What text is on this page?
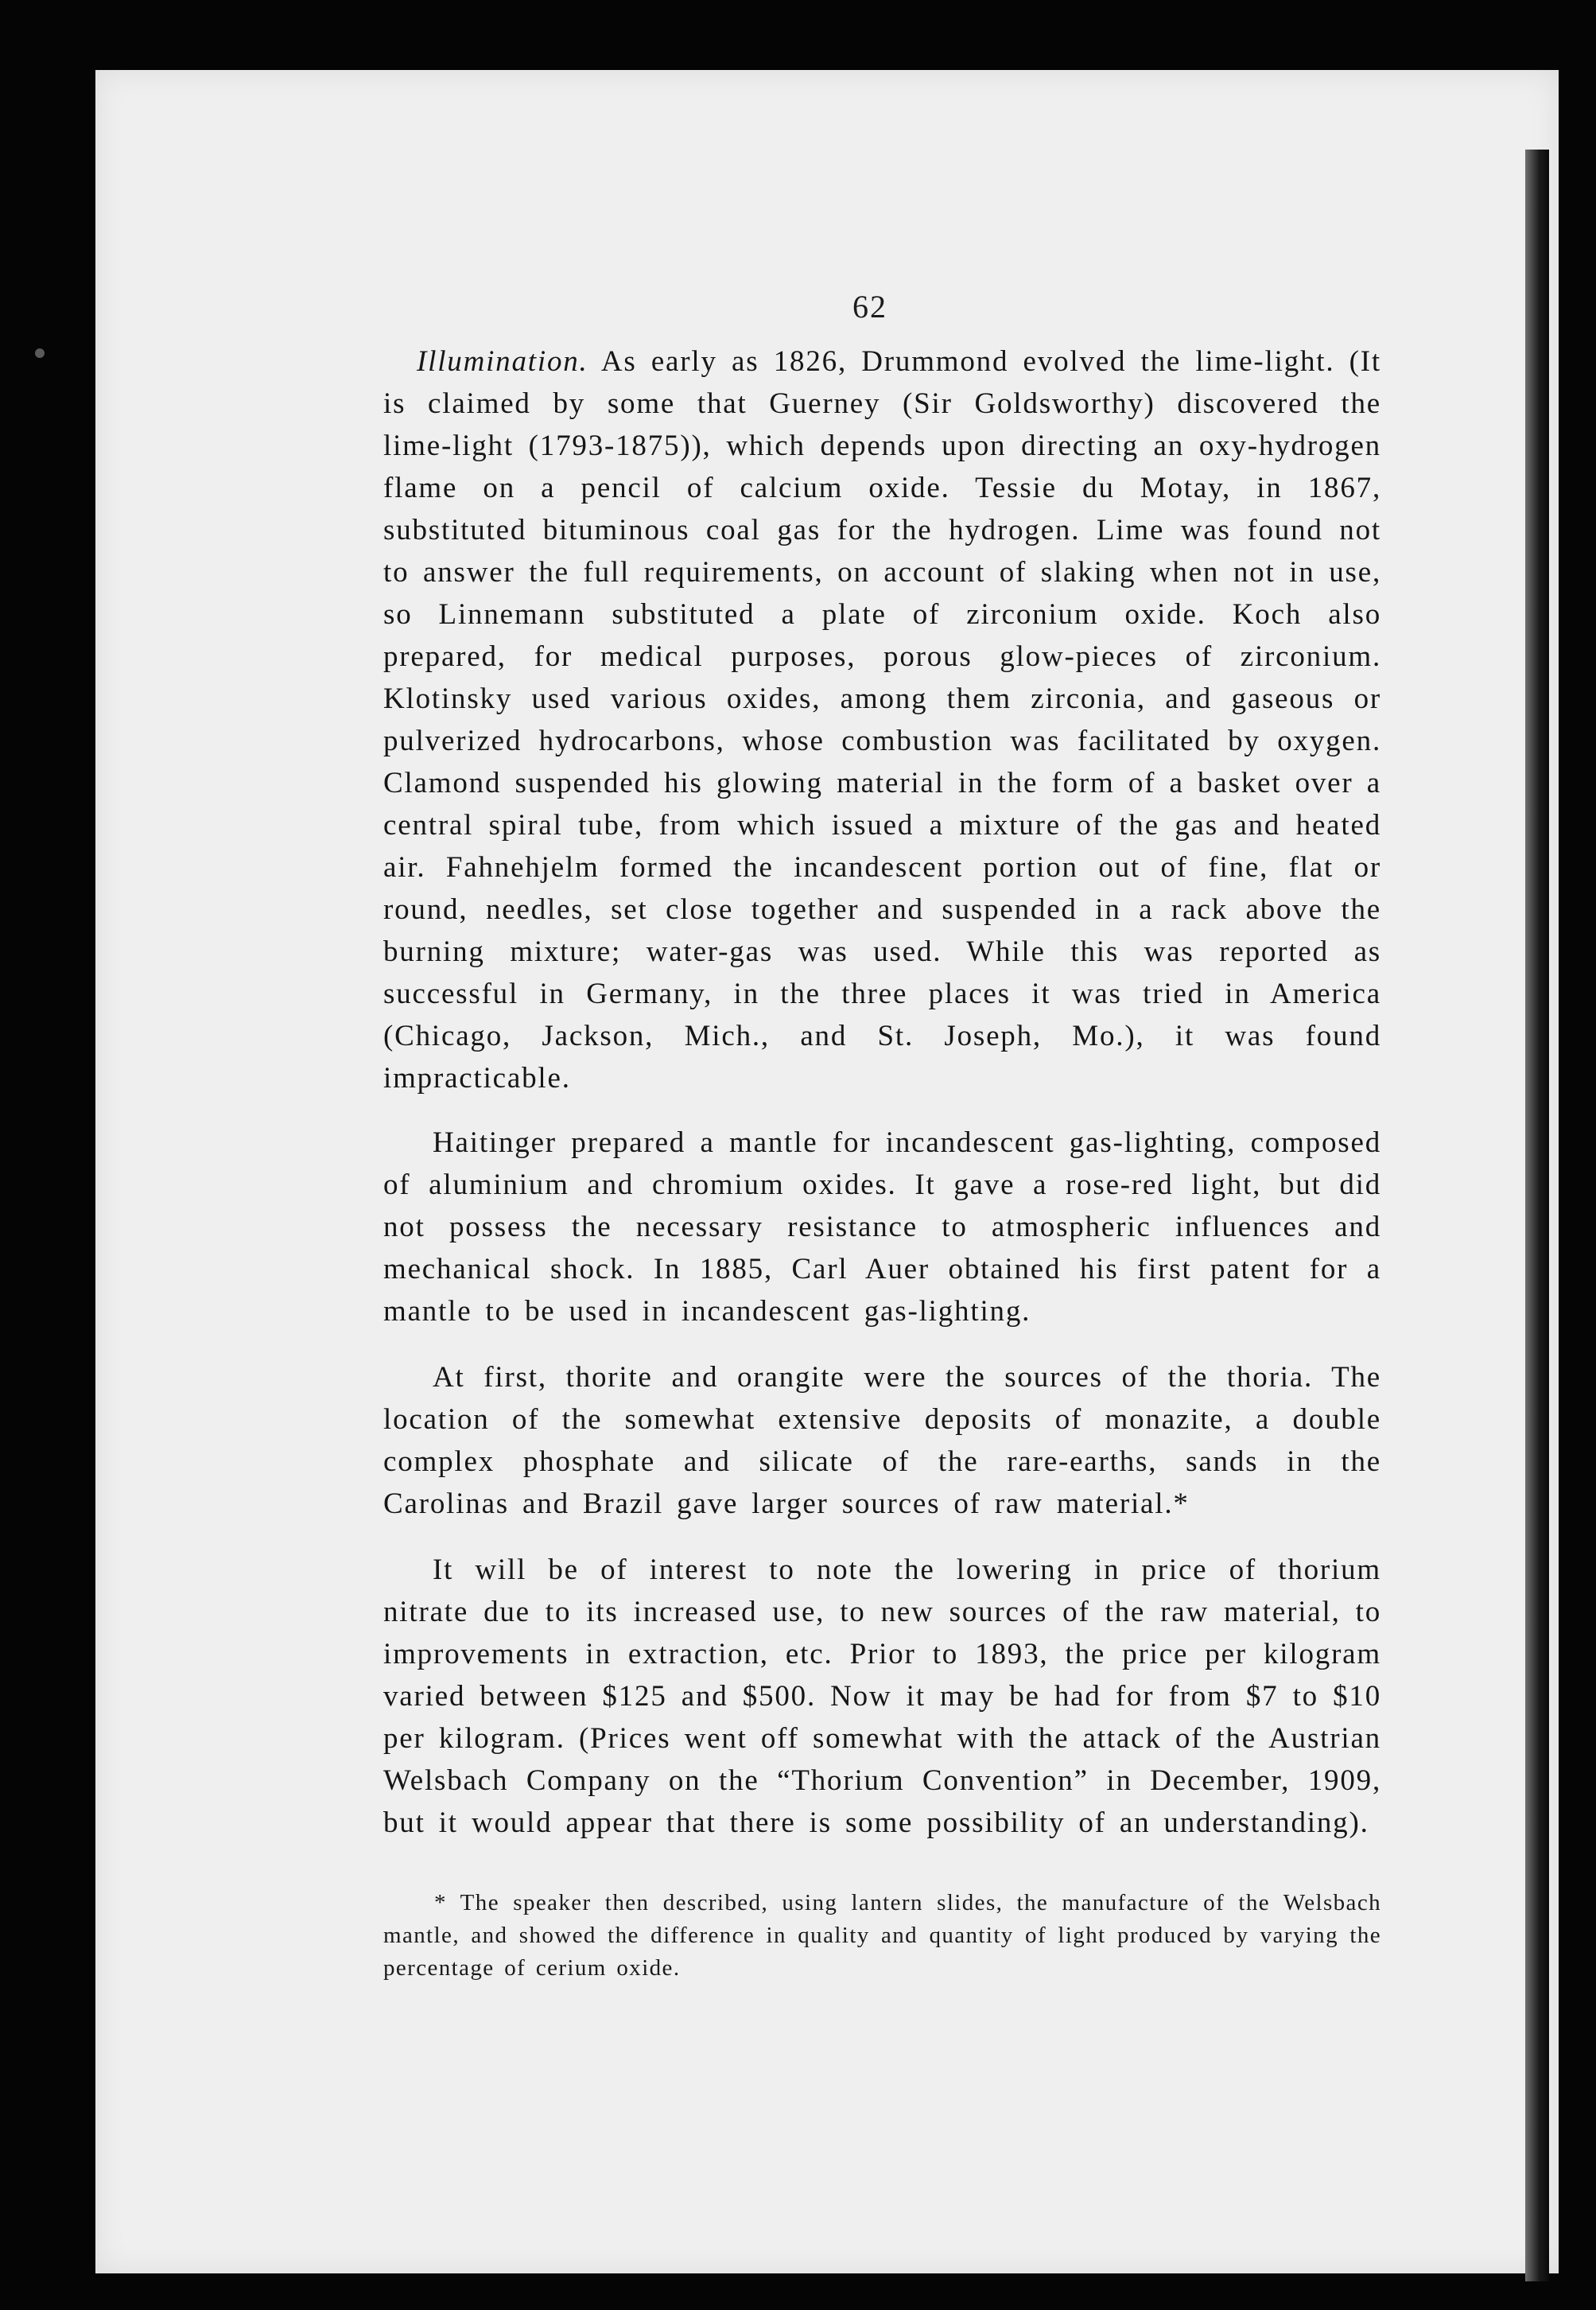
62

Illumination. As early as 1826, Drummond evolved the lime-light. (It is claimed by some that Guerney (Sir Goldsworthy) discovered the lime-light (1793-1875)), which depends upon directing an oxy-hydrogen flame on a pencil of calcium oxide. Tessie du Motay, in 1867, substituted bituminous coal gas for the hydrogen. Lime was found not to answer the full requirements, on account of slaking when not in use, so Linnemann substituted a plate of zirconium oxide. Koch also prepared, for medical purposes, porous glow-pieces of zirconium. Klotinsky used various oxides, among them zirconia, and gaseous or pulverized hydrocarbons, whose combustion was facilitated by oxygen. Clamond suspended his glowing material in the form of a basket over a central spiral tube, from which issued a mixture of the gas and heated air. Fahnehjelm formed the incandescent portion out of fine, flat or round, needles, set close together and suspended in a rack above the burning mixture; water-gas was used. While this was reported as successful in Germany, in the three places it was tried in America (Chicago, Jackson, Mich., and St. Joseph, Mo.), it was found impracticable.

Haitinger prepared a mantle for incandescent gas-lighting, composed of aluminium and chromium oxides. It gave a rose-red light, but did not possess the necessary resistance to atmospheric influences and mechanical shock. In 1885, Carl Auer obtained his first patent for a mantle to be used in incandescent gas-lighting.

At first, thorite and orangite were the sources of the thoria. The location of the somewhat extensive deposits of monazite, a double complex phosphate and silicate of the rare-earths, sands in the Carolinas and Brazil gave larger sources of raw material.*

It will be of interest to note the lowering in price of thorium nitrate due to its increased use, to new sources of the raw material, to improvements in extraction, etc. Prior to 1893, the price per kilogram varied between $125 and $500. Now it may be had for from $7 to $10 per kilogram. (Prices went off somewhat with the attack of the Austrian Welsbach Company on the “Thorium Convention” in December, 1909, but it would appear that there is some possibility of an understanding).

* The speaker then described, using lantern slides, the manufacture of the Welsbach mantle, and showed the difference in quality and quantity of light produced by varying the percentage of cerium oxide.
